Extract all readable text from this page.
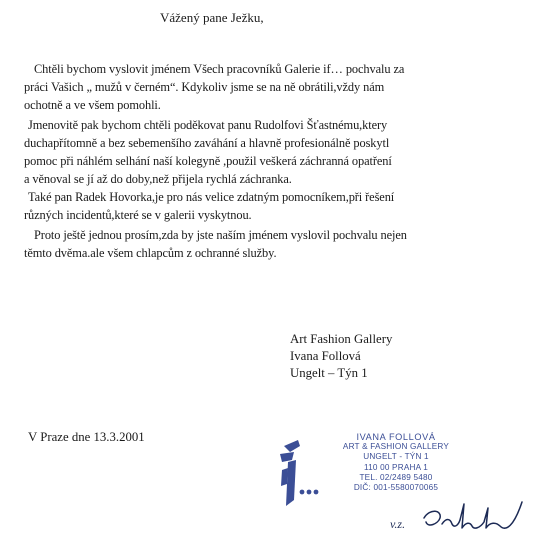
Vážený pane Ježku,
Chtěli bychom vyslovit jménem Všech pracovníků Galerie if… pochvalu za
práci Vašich „ mužů v černém“. Kdykoliv jsme se na ně obrátili,vždy nám
ochotně a ve všem pomohli.
Jmenovitě pak bychom chtěli poděkovat panu Rudolfovi Šťastnému,ktery
duchapřítomně a bez sebemenšího zaváhání a hlavně profesionálně poskytl
pomoc při náhlém selhání naší kolegyně ,použil veškerá záchranná opatření
a věnoval se jí až do doby,než přijela rychlá záchranka.
Také pan Radek Hovorka,je pro nás velice zdatným pomocníkem,při řešení
různých incidentů,které se v galerii vyskytnou.
Proto ještě jednou prosím,zda by jste naším jménem vyslovil pochvalu nejen
těmto dvěma.ale všem chlapcům z ochranné služby.
Art Fashion Gallery
Ivana Follová
Ungelt – Týn 1
V Praze dne 13.3.2001	IVANA FOLLOVÁ
ART & FASHION GALLERY
UNGELT - TÝN 1
110 00 PRAHA 1
TEL. 02/2489 5480
DIČ: 001-5580070065
v.z.
